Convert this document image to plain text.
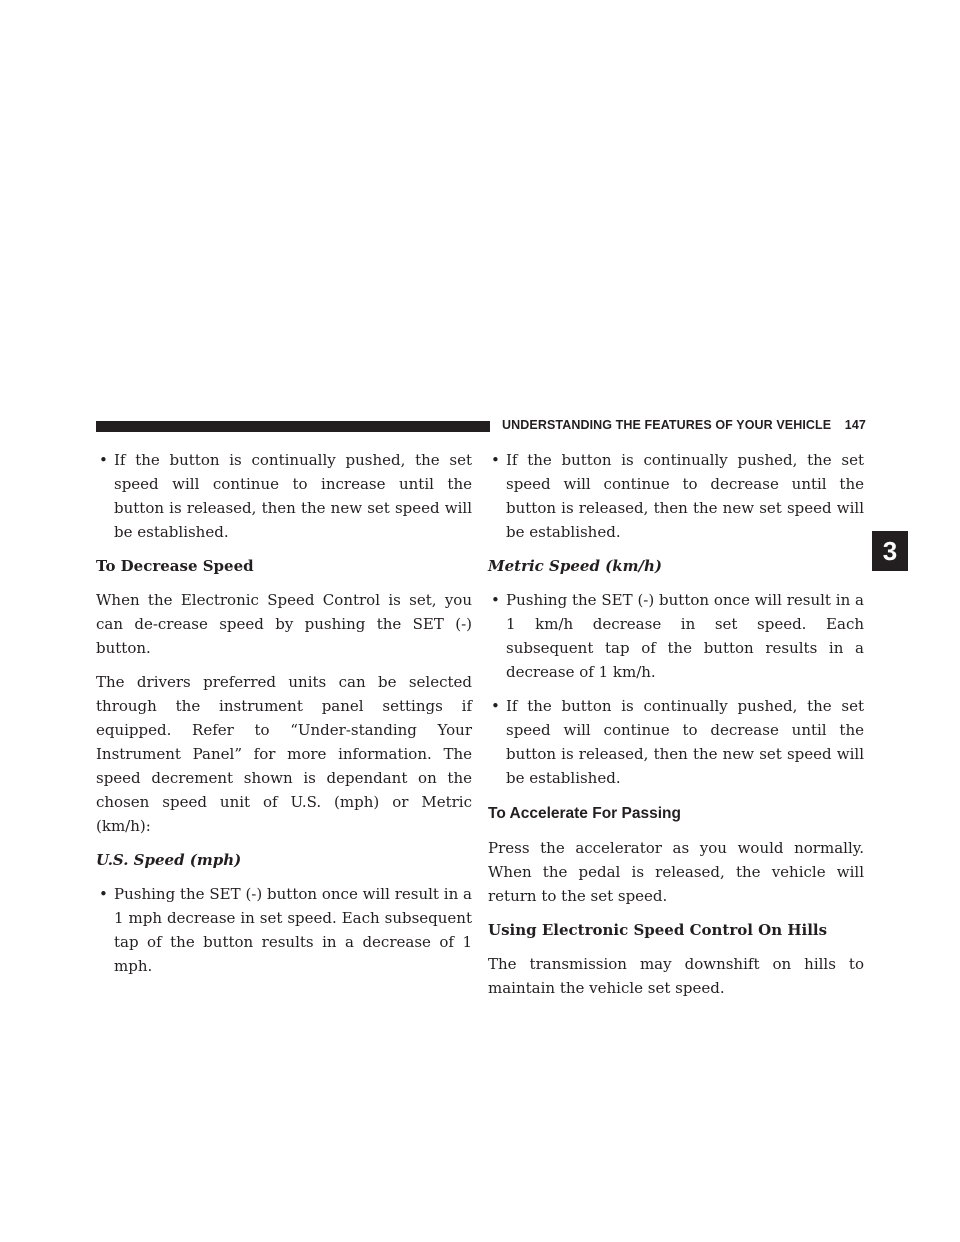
UNDERSTANDING THE FEATURES OF YOUR VEHICLE 147
3
• If the button is continually pushed, the set speed will continue to increase until the button is released, then the new set speed will be established.
To Decrease Speed

When the Electronic Speed Control is set, you can de-crease speed by pushing the SET (-) button.

The drivers preferred units can be selected through the instrument panel settings if equipped. Refer to “Under-standing Your Instrument Panel” for more information. The speed decrement shown is dependant on the chosen speed unit of U.S. (mph) or Metric (km/h):

U.S. Speed (mph)
• Pushing the SET (-) button once will result in a 1 mph decrease in set speed. Each subsequent tap of the button results in a decrease of 1 mph.
• If the button is continually pushed, the set speed will continue to decrease until the button is released, then the new set speed will be established.
Metric Speed (km/h)
• Pushing the SET (-) button once will result in a 1 km/h decrease in set speed. Each subsequent tap of the button results in a decrease of 1 km/h.
• If the button is continually pushed, the set speed will continue to decrease until the button is released, then the new set speed will be established.
To Accelerate For Passing

Press the accelerator as you would normally. When the pedal is released, the vehicle will return to the set speed.

Using Electronic Speed Control On Hills

The transmission may downshift on hills to maintain the vehicle set speed.
